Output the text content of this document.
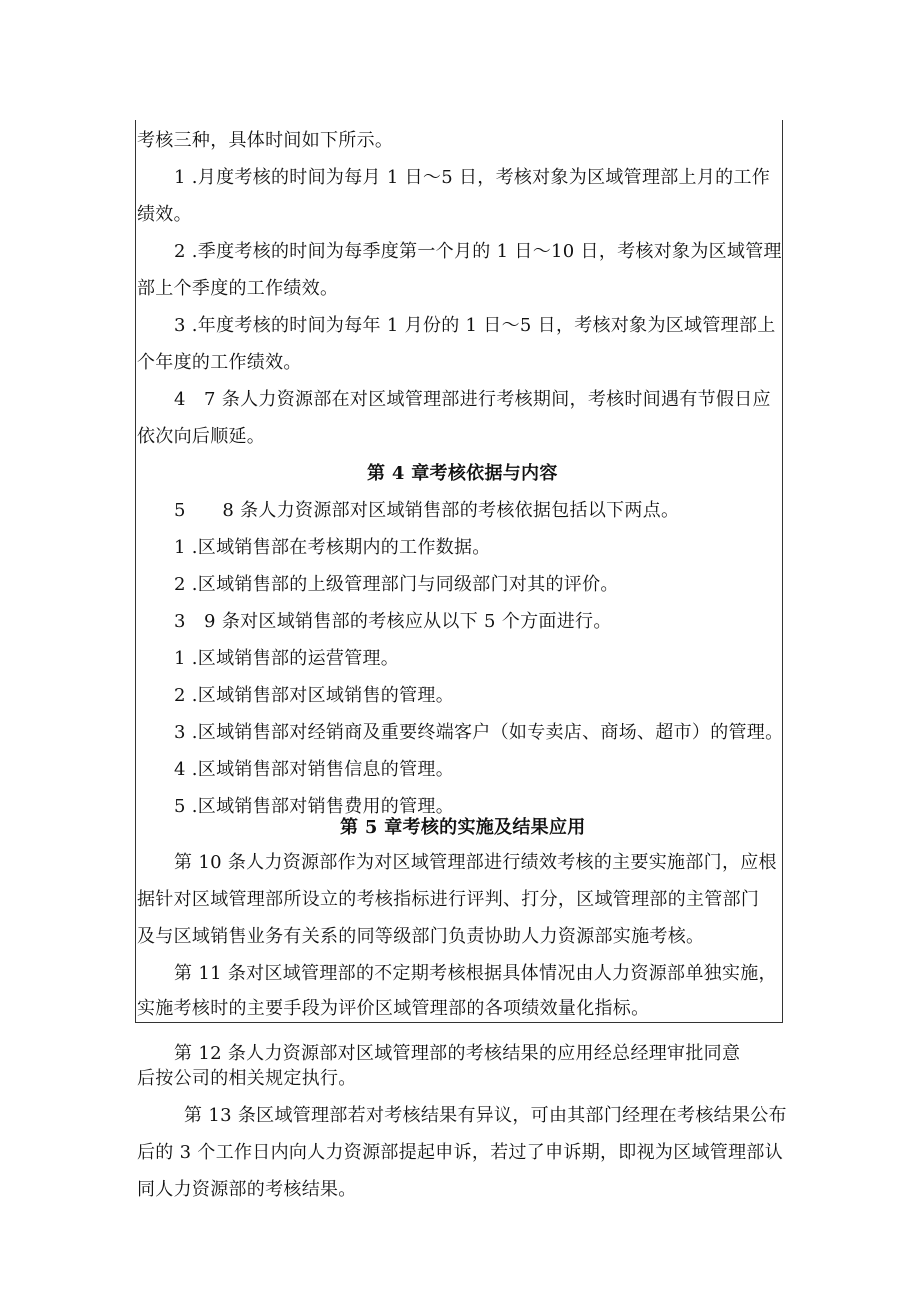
考核三种，具体时间如下所示。
1 .月度考核的时间为每月 1 日～5 日，考核对象为区域管理部上月的工作
绩效。
2 .季度考核的时间为每季度第一个月的 1 日～10 日，考核对象为区域管理
部上个季度的工作绩效。
3 .年度考核的时间为每年 1 月份的 1 日～5 日，考核对象为区域管理部上
个年度的工作绩效。
4　7 条人力资源部在对区域管理部进行考核期间，考核时间遇有节假日应
依次向后顺延。
第 4 章考核依据与内容
5　　8 条人力资源部对区域销售部的考核依据包括以下两点。
1 .区域销售部在考核期内的工作数据。
2 .区域销售部的上级管理部门与同级部门对其的评价。
3　9 条对区域销售部的考核应从以下 5 个方面进行。
1 .区域销售部的运营管理。
2 .区域销售部对区域销售的管理。
3 .区域销售部对经销商及重要终端客户（如专卖店、商场、超市）的管理。
4 .区域销售部对销售信息的管理。
5 .区域销售部对销售费用的管理。
第 5 章考核的实施及结果应用
第 10 条人力资源部作为对区域管理部进行绩效考核的主要实施部门，应根
据针对区域管理部所设立的考核指标进行评判、打分，区域管理部的主管部门
及与区域销售业务有关系的同等级部门负责协助人力资源部实施考核。
第 11 条对区域管理部的不定期考核根据具体情况由人力资源部单独实施，
实施考核时的主要手段为评价区域管理部的各项绩效量化指标。
第 12 条人力资源部对区域管理部的考核结果的应用经总经理审批同意
后按公司的相关规定执行。
第 13 条区域管理部若对考核结果有异议，可由其部门经理在考核结果公布
后的 3 个工作日内向人力资源部提起申诉，若过了申诉期，即视为区域管理部认
同人力资源部的考核结果。
